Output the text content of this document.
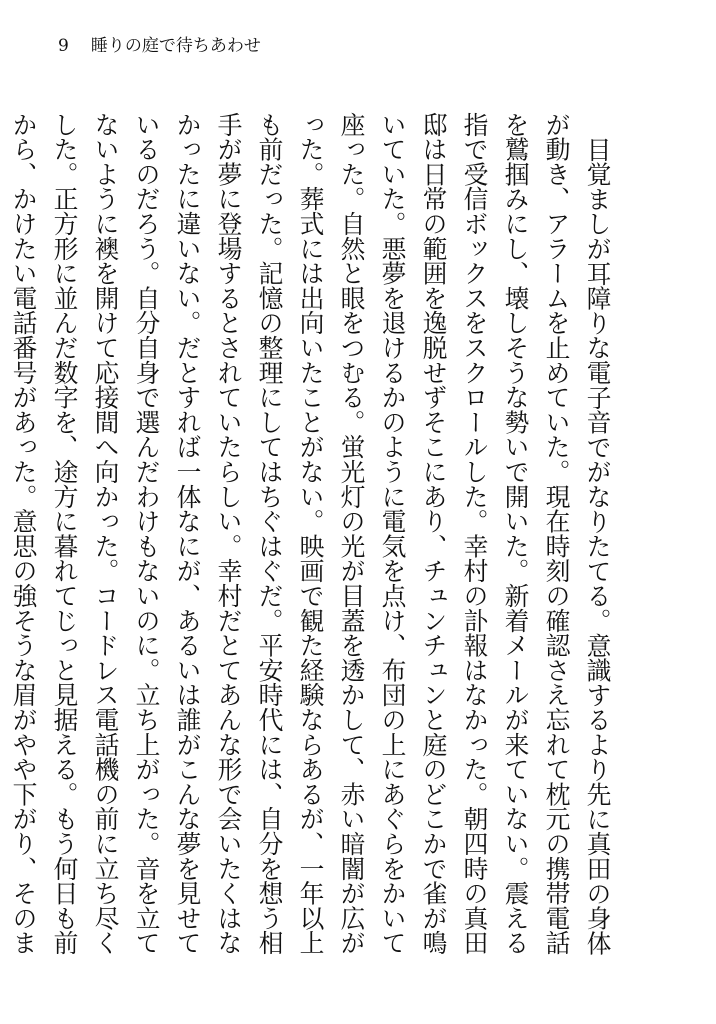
9 睡りの庭で待ちあわせ

目覚ましが耳障りな電子音でがなりたてる。意識するより先に真田の身体が動き、アラームを止めていた。現在時刻の確認さえ忘れて枕元の携帯電話を鷲掴みにし、壊しそうな勢いで開いた。新着メールが来ていない。震える指で受信ボックスをスクロールした。幸村の訃報はなかった。朝四時の真田邸は日常の範囲を逸脱せずそこにあり、チュンチュンと庭のどこかで雀が鳴いていた。悪夢を退けるかのように電気を点け、布団の上にあぐらをかいて座った。自然と眼をつむる。蛍光灯の光が目蓋を透かして、赤い暗闇が広がった。葬式には出向いたことがない。映画で観た経験ならあるが、一年以上も前だった。記憶の整理にしてはちぐはぐだ。平安時代には、自分を想う相手が夢に登場するとされていたらしい。幸村だとてあんな形で会いたくはなかったに違いない。だとすれば一体なにが、あるいは誰がこんな夢を見せているのだろう。自分自身で選んだわけもないのに。立ち上がった。音を立てないように襖を開けて応接間へ向かった。コードレス電話機の前に立ち尽くした。正方形に並んだ数字を、途方に暮れてじっと見据える。もう何日も前から、かけたい電話番号があった。意思の強そうな眉がやや下がり、そのま
